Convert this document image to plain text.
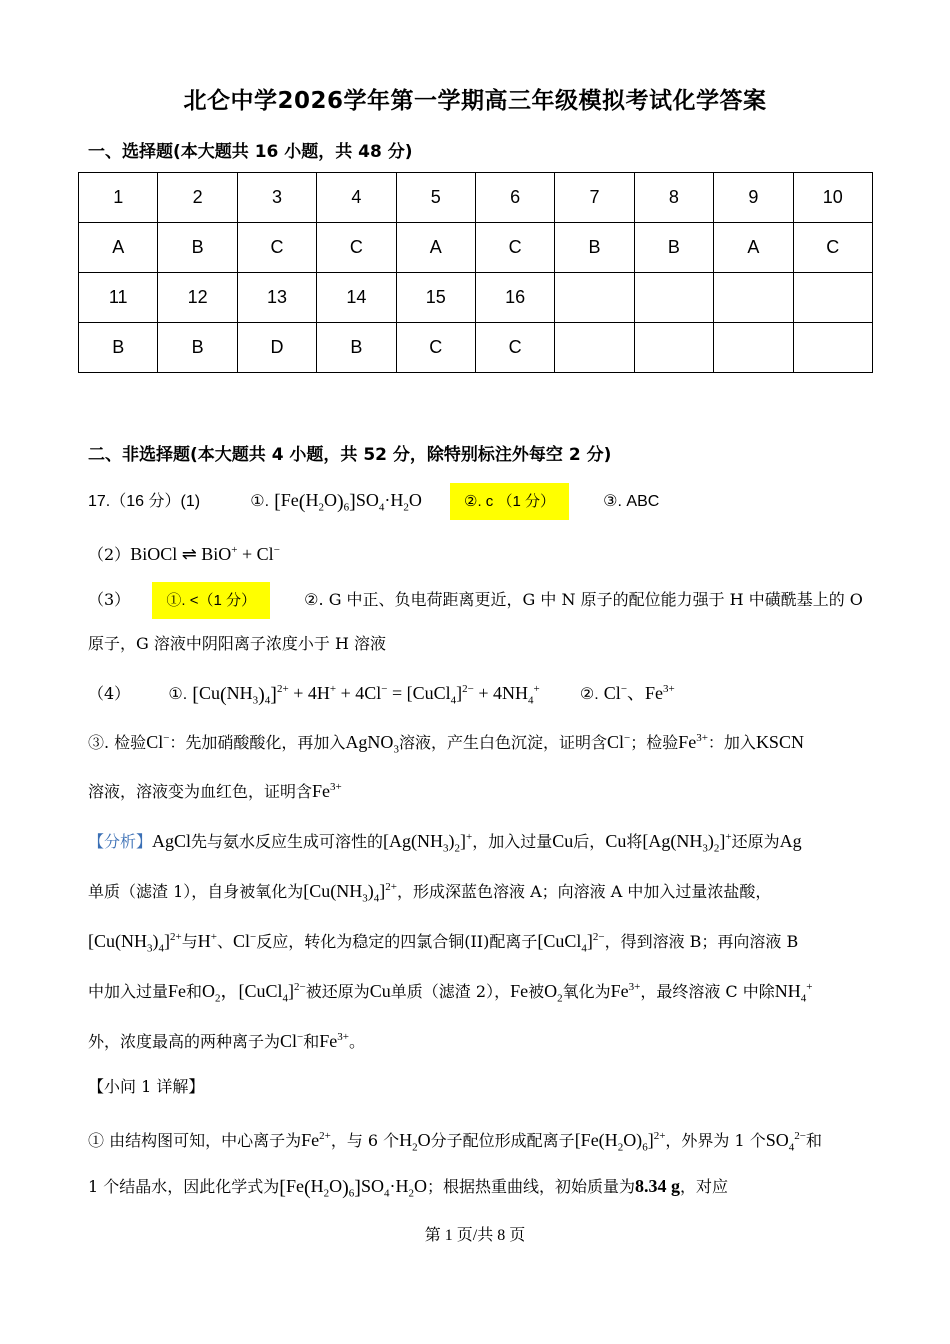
北仑中学2026学年第一学期高三年级模拟考试化学答案
一、选择题(本大题共 16 小题，共 48 分)
1	2	3	4	5	6	7	8	9	10
A	B	C	C	A	C	B	B	A	C
11	12	13	14	15	16				
B	B	D	B	C	C				
二、非选择题(本大题共 4 小题，共 52 分，除特别标注外每空 2 分)
17.（16 分）(1)	①. $[Fe(H_2O)_6]SO_4\cdot H_2O$	②. c （1 分）	③. ABC
（2）BiOCl ⇌ BiO+ + Cl−
（3） ①. <（1 分）	②. G 中正、负电荷距离更近，G 中 N 原子的配位能力强于 H 中磺酰基上的 O
原子，G 溶液中阴阳离子浓度小于 H 溶液
（4） ①. $[Cu(NH_3)_4]^{2+} + 4H^+ + 4Cl^-$ = [CuCl$_4$]$^{2-}$ + $4NH_4^+$	②. Cl−、$Fe^{3+}$
③. 检验Cl−：先加硝酸酸化，再加入AgNO$_3$溶液，产生白色沉淀，证明含Cl−；检验$Fe^{3+}$：加入KSCN
溶液，溶液变为血红色，证明含$Fe^{3+}$
【分析】AgCl先与氨水反应生成可溶性的$[Ag(NH_3)_2]^+$，加入过量Cu后，Cu将$[Ag(NH_3)_2]^+$还原为Ag
单质（滤渣 1），自身被氧化为$[Cu(NH_3)_4]^{2+}$，形成深蓝色溶液 A；向溶液 A 中加入过量浓盐酸，
$[Cu(NH_3)_4]^{2+}$与H+、Cl−反应，转化为稳定的四氯合铜(II)配离子[CuCl$_4$]$^{2-}$，得到溶液 B；再向溶液 B
中加入过量Fe和$O_2$，[CuCl$_4$]$^{2-}$被还原为Cu单质（滤渣 2），Fe被$O_2$氧化为$Fe^{3+}$，最终溶液 C 中除$NH_4^+$
外，浓度最高的两种离子为Cl−和$Fe^{3+}$。
【小问 1 详解】
① 由结构图可知，中心离子为$Fe^{2+}$，与 6 个$H_2O$分子配位形成配离子$[Fe(H_2O)_6]^{2+}$，外界为 1 个$SO_4^{2-}$和
1 个结晶水，因此化学式为$[Fe(H_2O)_6]SO_4\cdot H_2O$；根据热重曲线，初始质量为8.34 g，对应
第 1 页/共 8 页
